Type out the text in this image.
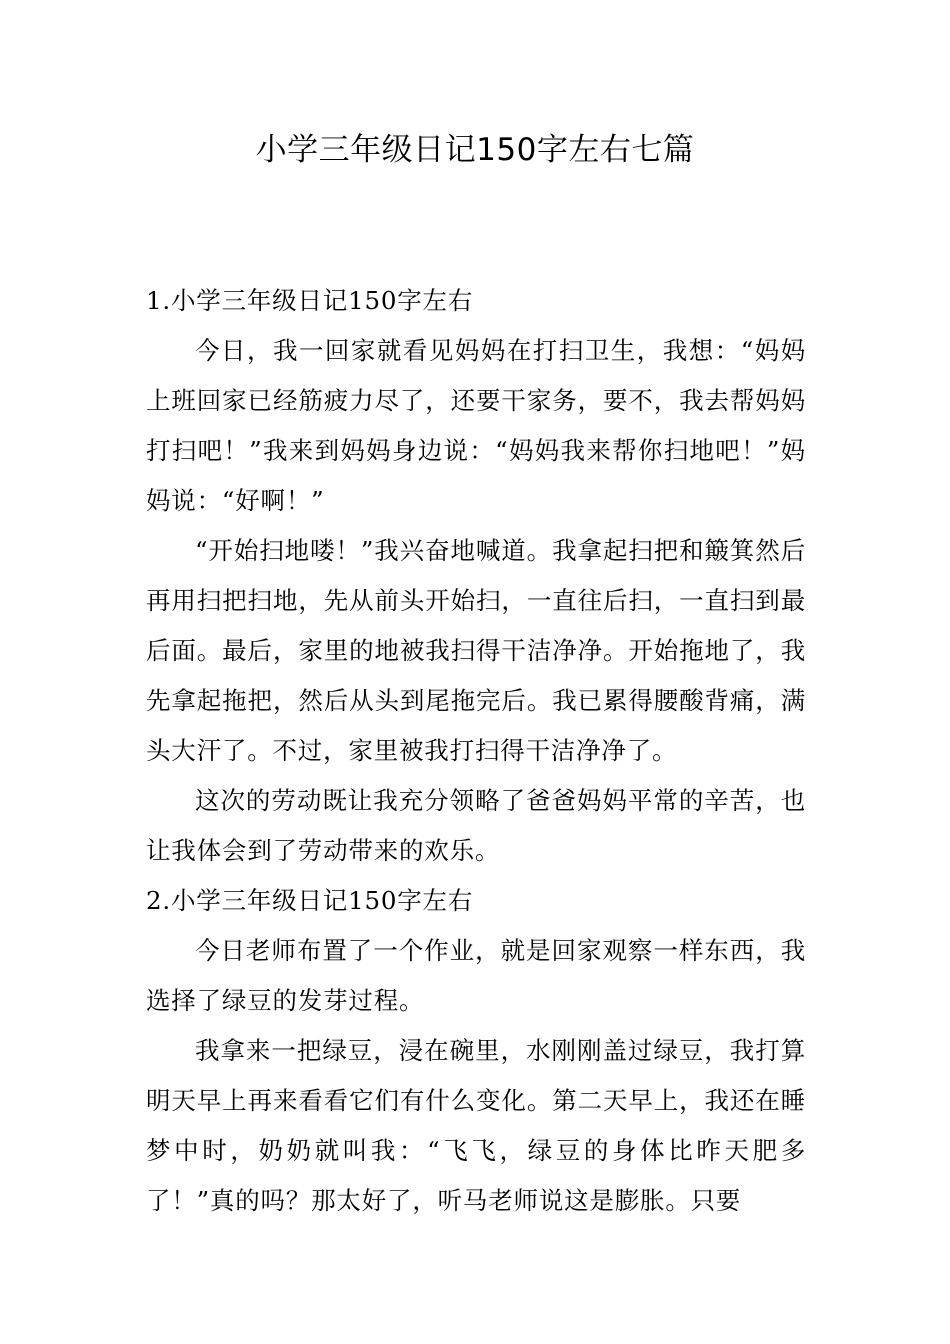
小学三年级日记150字左右七篇

1.小学三年级日记150字左右

今日，我一回家就看见妈妈在打扫卫生，我想：“妈妈上班回家已经筋疲力尽了，还要干家务，要不，我去帮妈妈打扫吧！”我来到妈妈身边说：“妈妈我来帮你扫地吧！”妈妈说：“好啊！”

“开始扫地喽！”我兴奋地喊道。我拿起扫把和簸箕然后再用扫把扫地，先从前头开始扫，一直往后扫，一直扫到最后面。最后，家里的地被我扫得干洁净净。开始拖地了，我先拿起拖把，然后从头到尾拖完后。我已累得腰酸背痛，满头大汗了。不过，家里被我打扫得干洁净净了。

这次的劳动既让我充分领略了爸爸妈妈平常的辛苦，也让我体会到了劳动带来的欢乐。

2.小学三年级日记150字左右

今日老师布置了一个作业，就是回家观察一样东西，我选择了绿豆的发芽过程。

我拿来一把绿豆，浸在碗里，水刚刚盖过绿豆，我打算明天早上再来看看它们有什么变化。第二天早上，我还在睡梦中时，奶奶就叫我：“飞飞，绿豆的身体比昨天肥多了！”真的吗？那太好了，听马老师说这是膨胀。只要
